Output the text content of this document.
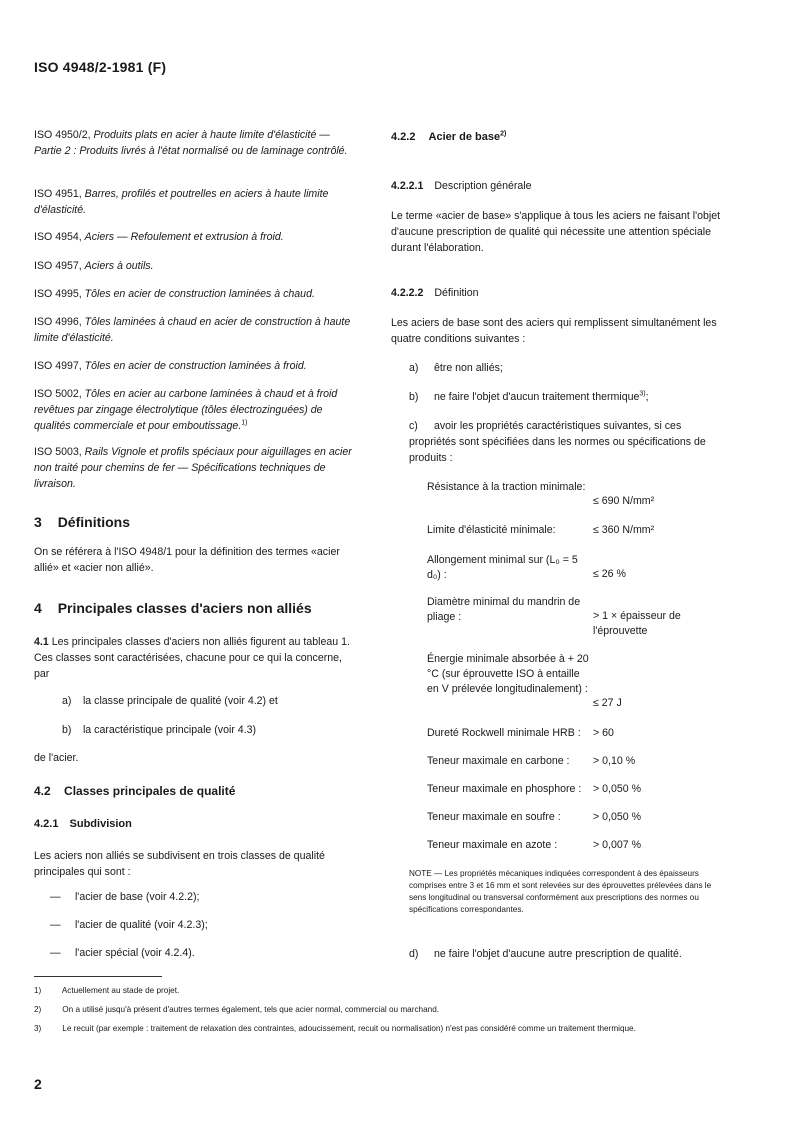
ISO 4948/2-1981 (F)
ISO 4950/2, Produits plats en acier à haute limite d'élasticité — Partie 2 : Produits livrés à l'état normalisé ou de laminage contrôlé.
ISO 4951, Barres, profilés et poutrelles en aciers à haute limite d'élasticité.
ISO 4954, Aciers — Refoulement et extrusion à froid.
ISO 4957, Aciers à outils.
ISO 4995, Tôles en acier de construction laminées à chaud.
ISO 4996, Tôles laminées à chaud en acier de construction à haute limite d'élasticité.
ISO 4997, Tôles en acier de construction laminées à froid.
ISO 5002, Tôles en acier au carbone laminées à chaud et à froid revêtues par zingage électrolytique (tôles électrozinguées) de qualités commerciale et pour emboutissage.$^{1)}$
ISO 5003, Rails Vignole et profils spéciaux pour aiguillages en acier non traité pour chemins de fer — Spécifications techniques de livraison.
3 Définitions
On se référera à l'ISO 4948/1 pour la définition des termes «acier allié» et «acier non allié».
4 Principales classes d'aciers non alliés
4.1 Les principales classes d'aciers non alliés figurent au tableau 1. Ces classes sont caractérisées, chacune pour ce qui la concerne, par
a) la classe principale de qualité (voir 4.2) et
b) la caractéristique principale (voir 4.3)
de l'acier.
4.2 Classes principales de qualité
4.2.1 Subdivision
Les aciers non alliés se subdivisent en trois classes de qualité principales qui sont :
— l'acier de base (voir 4.2.2);
— l'acier de qualité (voir 4.2.3);
— l'acier spécial (voir 4.2.4).
4.2.2 Acier de base$^{2)}$
4.2.2.1 Description générale
Le terme «acier de base» s'applique à tous les aciers ne faisant l'objet d'aucune prescription de qualité qui nécessite une attention spéciale durant l'élaboration.
4.2.2.2 Définition
Les aciers de base sont des aciers qui remplissent simultanément les quatre conditions suivantes :
a) être non alliés;
b) ne faire l'objet d'aucun traitement thermique$^{3)}$;
c) avoir les propriétés caractéristiques suivantes, si ces propriétés sont spécifiées dans les normes ou spécifications de produits :
Résistance à la traction minimale:
≤ 690 N/mm²
Limite d'élasticité minimale:	≤ 360 N/mm²
Allongement minimal sur (L₀ = 5 d₀) :	≤ 26 %
Diamètre minimal du mandrin de pliage :	> 1 × épaisseur de l'éprouvette
Énergie minimale absorbée à + 20 °C (sur éprouvette ISO à entaille en V prélevée longitudinalement) :
≤ 27 J
Dureté Rockwell minimale HRB :	> 60
Teneur maximale en carbone :	> 0,10 %
Teneur maximale en phosphore :	> 0,050 %
Teneur maximale en soufre :	> 0,050 %
Teneur maximale en azote :	> 0,007 %
NOTE — Les propriétés mécaniques indiquées correspondent à des épaisseurs comprises entre 3 et 16 mm et sont relevées sur des éprouvettes prélevées dans le sens longitudinal ou transversal conformément aux prescriptions des normes ou spécifications correspondantes.
d) ne faire l'objet d'aucune autre prescription de qualité.
1)	Actuellement au stade de projet.
2)	On a utilisé jusqu'à présent d'autres termes également, tels que acier normal, commercial ou marchand.
3)	Le recuit (par exemple : traitement de relaxation des contraintes, adoucissement, recuit ou normalisation) n'est pas considéré comme un traitement thermique.
2
